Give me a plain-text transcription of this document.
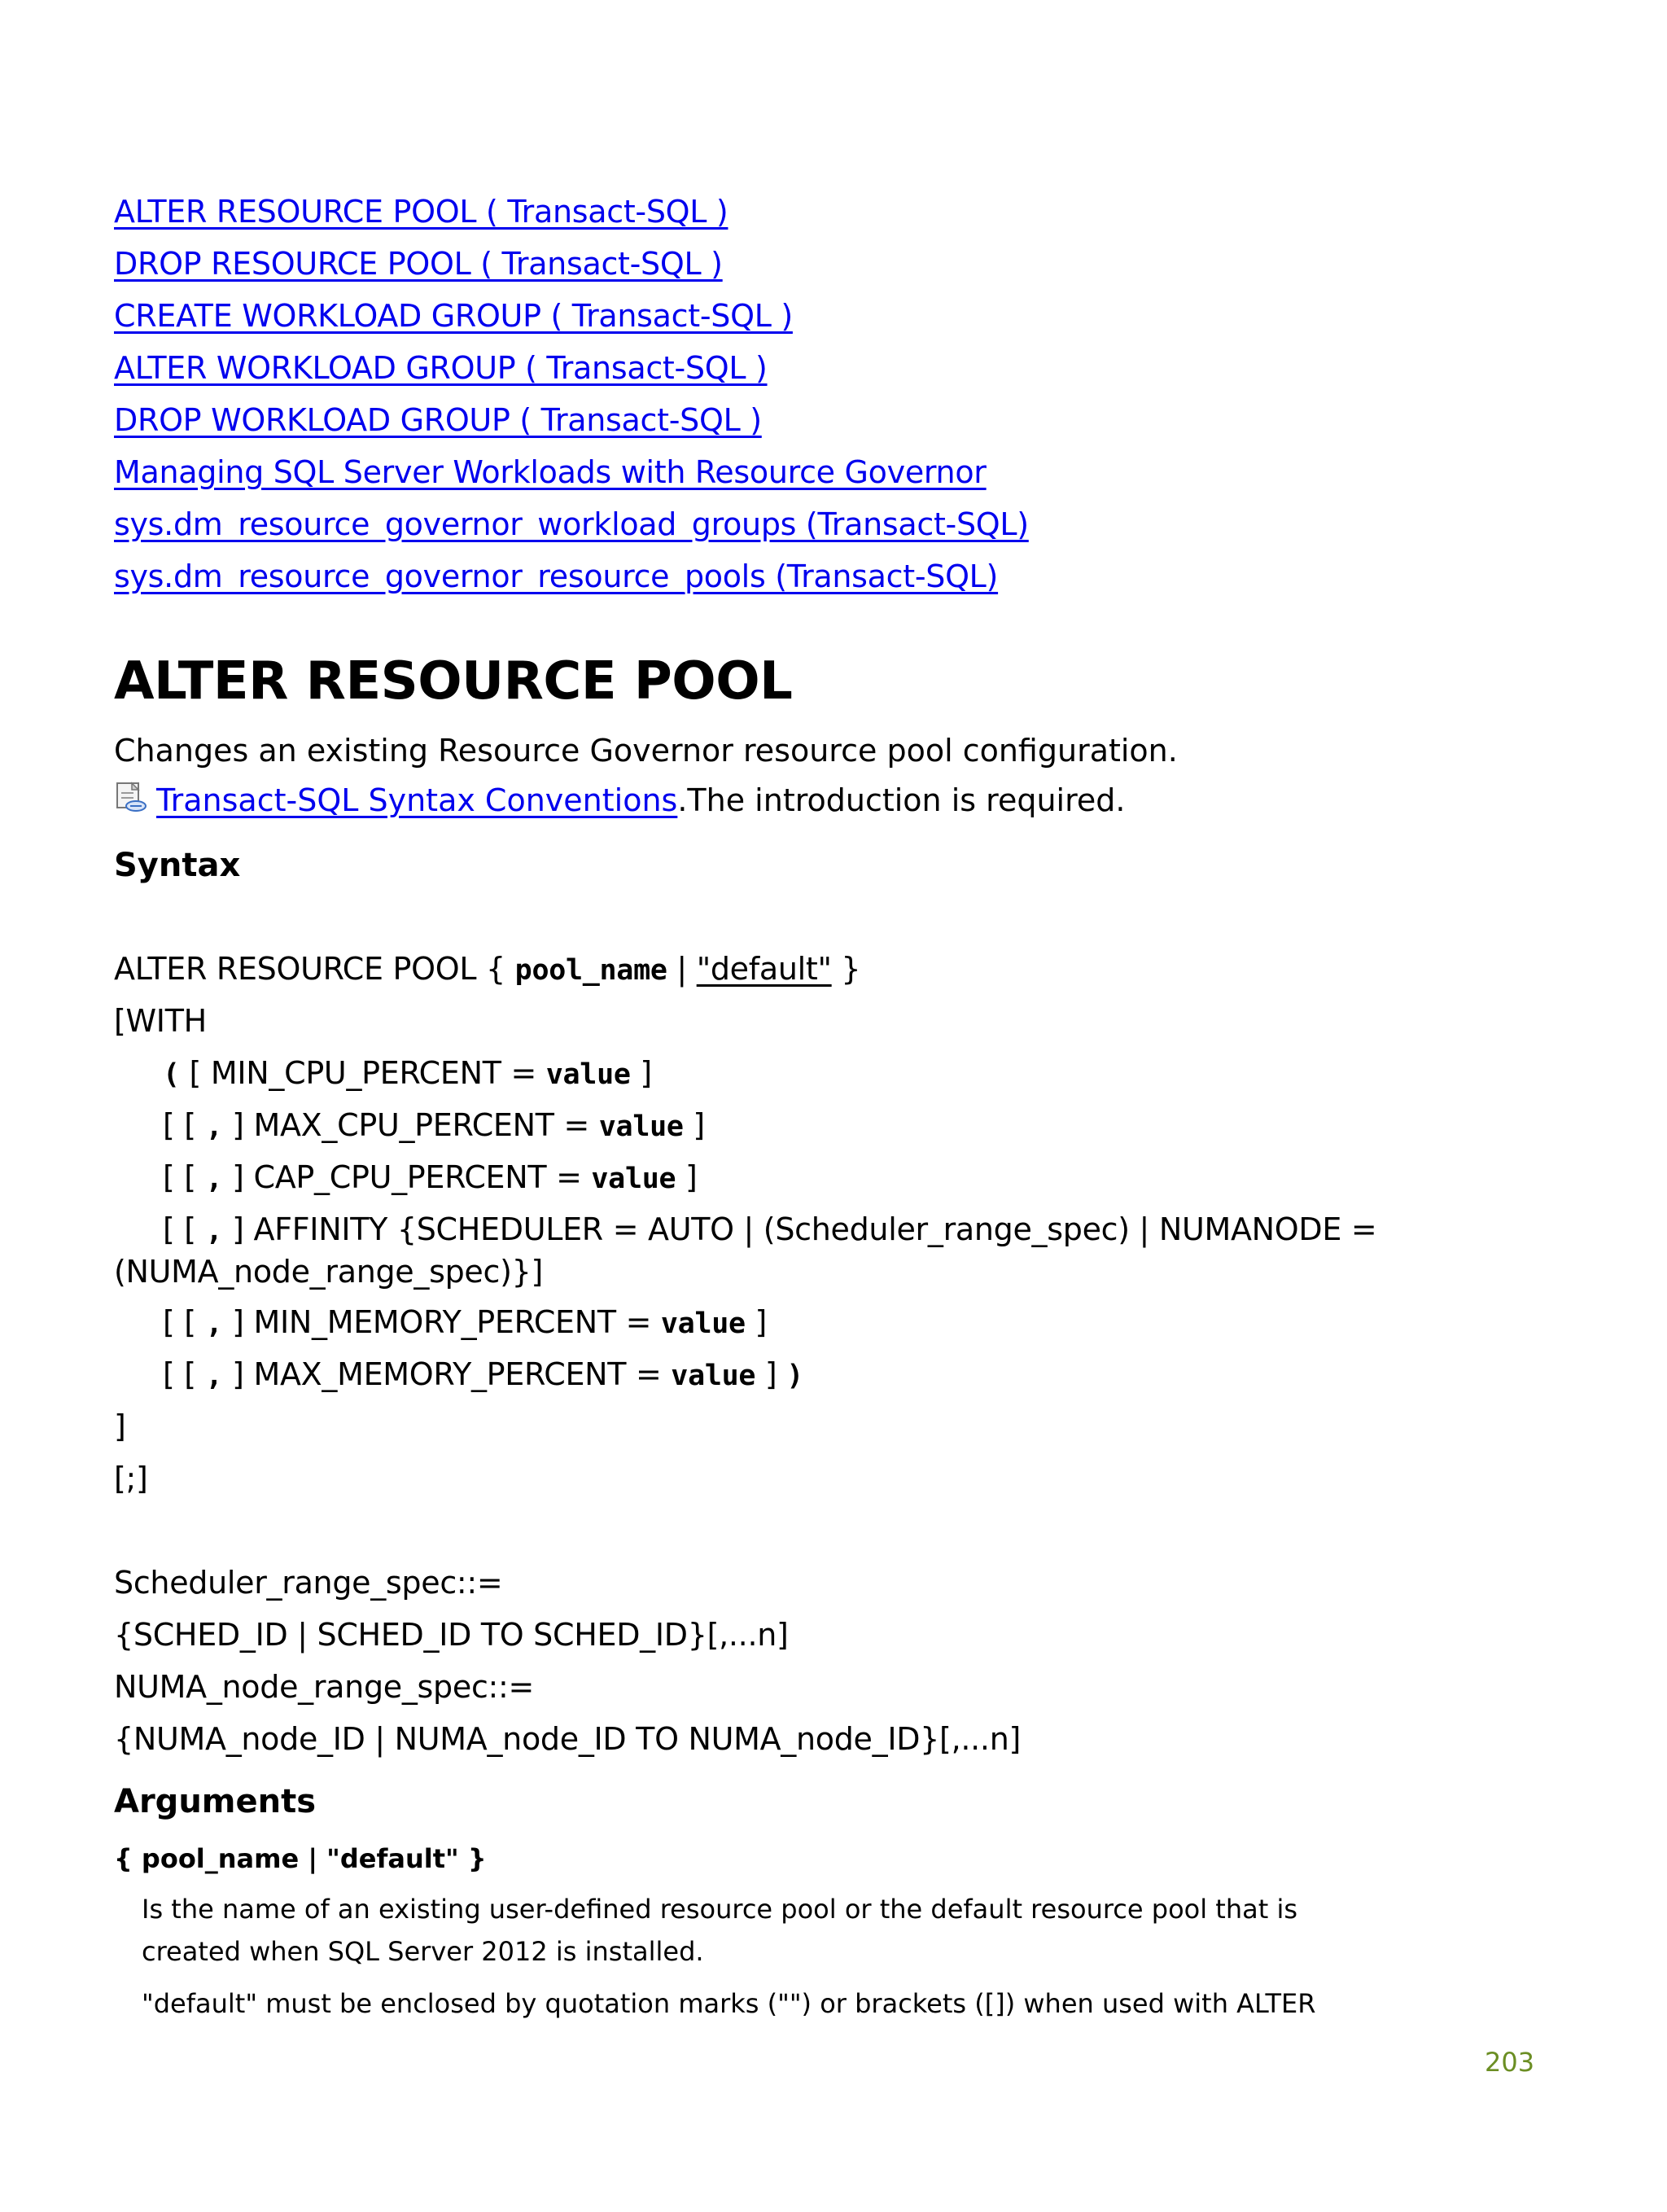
ALTER RESOURCE POOL ( Transact-SQL )
DROP RESOURCE POOL ( Transact-SQL )
CREATE WORKLOAD GROUP ( Transact-SQL )
ALTER WORKLOAD GROUP ( Transact-SQL )
DROP WORKLOAD GROUP ( Transact-SQL )
Managing SQL Server Workloads with Resource Governor
sys.dm_resource_governor_workload_groups (Transact-SQL)
sys.dm_resource_governor_resource_pools (Transact-SQL)
ALTER RESOURCE POOL
Changes an existing Resource Governor resource pool configuration.
Transact-SQL Syntax Conventions.The introduction is required.
Syntax
ALTER RESOURCE POOL { pool_name | "default" }
[WITH
( [ MIN_CPU_PERCENT = value ]
[ [ , ] MAX_CPU_PERCENT = value ]
[ [ , ] CAP_CPU_PERCENT = value ]
[ [ , ] AFFINITY {SCHEDULER = AUTO | (Scheduler_range_spec) | NUMANODE =
(NUMA_node_range_spec)}]
[ [ , ] MIN_MEMORY_PERCENT = value ]
[ [ , ] MAX_MEMORY_PERCENT = value ] )
]
[;]
Scheduler_range_spec::=
{SCHED_ID | SCHED_ID TO SCHED_ID}[,...n]
NUMA_node_range_spec::=
{NUMA_node_ID | NUMA_node_ID TO NUMA_node_ID}[,...n]
Arguments
{ pool_name | "default" }
Is the name of an existing user-defined resource pool or the default resource pool that is
created when SQL Server 2012 is installed.
"default" must be enclosed by quotation marks ("") or brackets ([]) when used with ALTER
203
